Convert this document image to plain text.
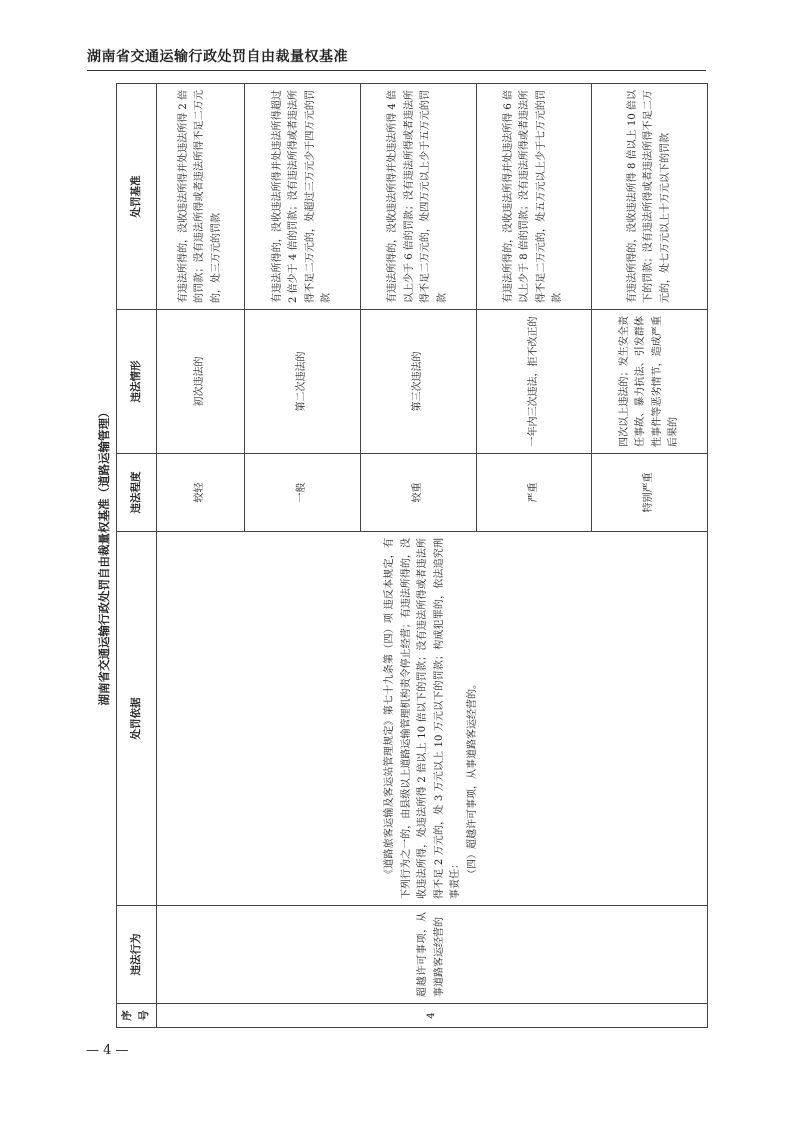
湖南省交通运输行政处罚自由裁量权基准
— 4 —
湖南省交通运输行政处罚自由裁量权基准（道路运输管理）
序号	违法行为	处罚依据	违法程度	违法情形	处罚基准
4	超越许可事项，从事道路客运经营的	《道路旅客运输及客运站管理规定》第七十九条第（四）项 违反本规定，有下列行为之一的，由县级以上道路运输管理机构责令停止经营；有违法所得的，没收违法所得，处违法所得 2 倍以上 10 倍以下的罚款；没有违法所得或者违法所得不足 2 万元的，处 3 万元以上 10 万元以下的罚款；构成犯罪的，依法追究刑事责任： （四）超越许可事项，从事道路客运经营的。	较轻	初次违法的	有违法所得的，没收违法所得并处违法所得 2 倍的罚款；没有违法所得或者违法所得不足二万元的，处三万元的罚款
			一般	第二次违法的	有违法所得的，没收违法所得并处违法所得超过 2 倍少于 4 倍的罚款；没有违法所得或者违法所得不足二万元的，处超过三万元少于四万元的罚款
			较重	第三次违法的	有违法所得的，没收违法所得并处违法所得 4 倍以上少于 6 倍的罚款；没有违法所得或者违法所得不足二万元的，处四万元以上少于五万元的罚款
			严重	一年内三次违法，拒不改正的	有违法所得的，没收违法所得并处违法所得 6 倍以上少于 8 倍的罚款；没有违法所得或者违法所得不足二万元的，处五万元以上少于七万元的罚款
			特别严重	四次以上违法的；发生安全责任事故、暴力抗法、引发群体性事件等恶劣情节，造成严重后果的	有违法所得的，没收违法所得 8 倍以上 10 倍以下的罚款；没有违法所得或者违法所得不足二万元的，处七万元以上十万元以下的罚款
